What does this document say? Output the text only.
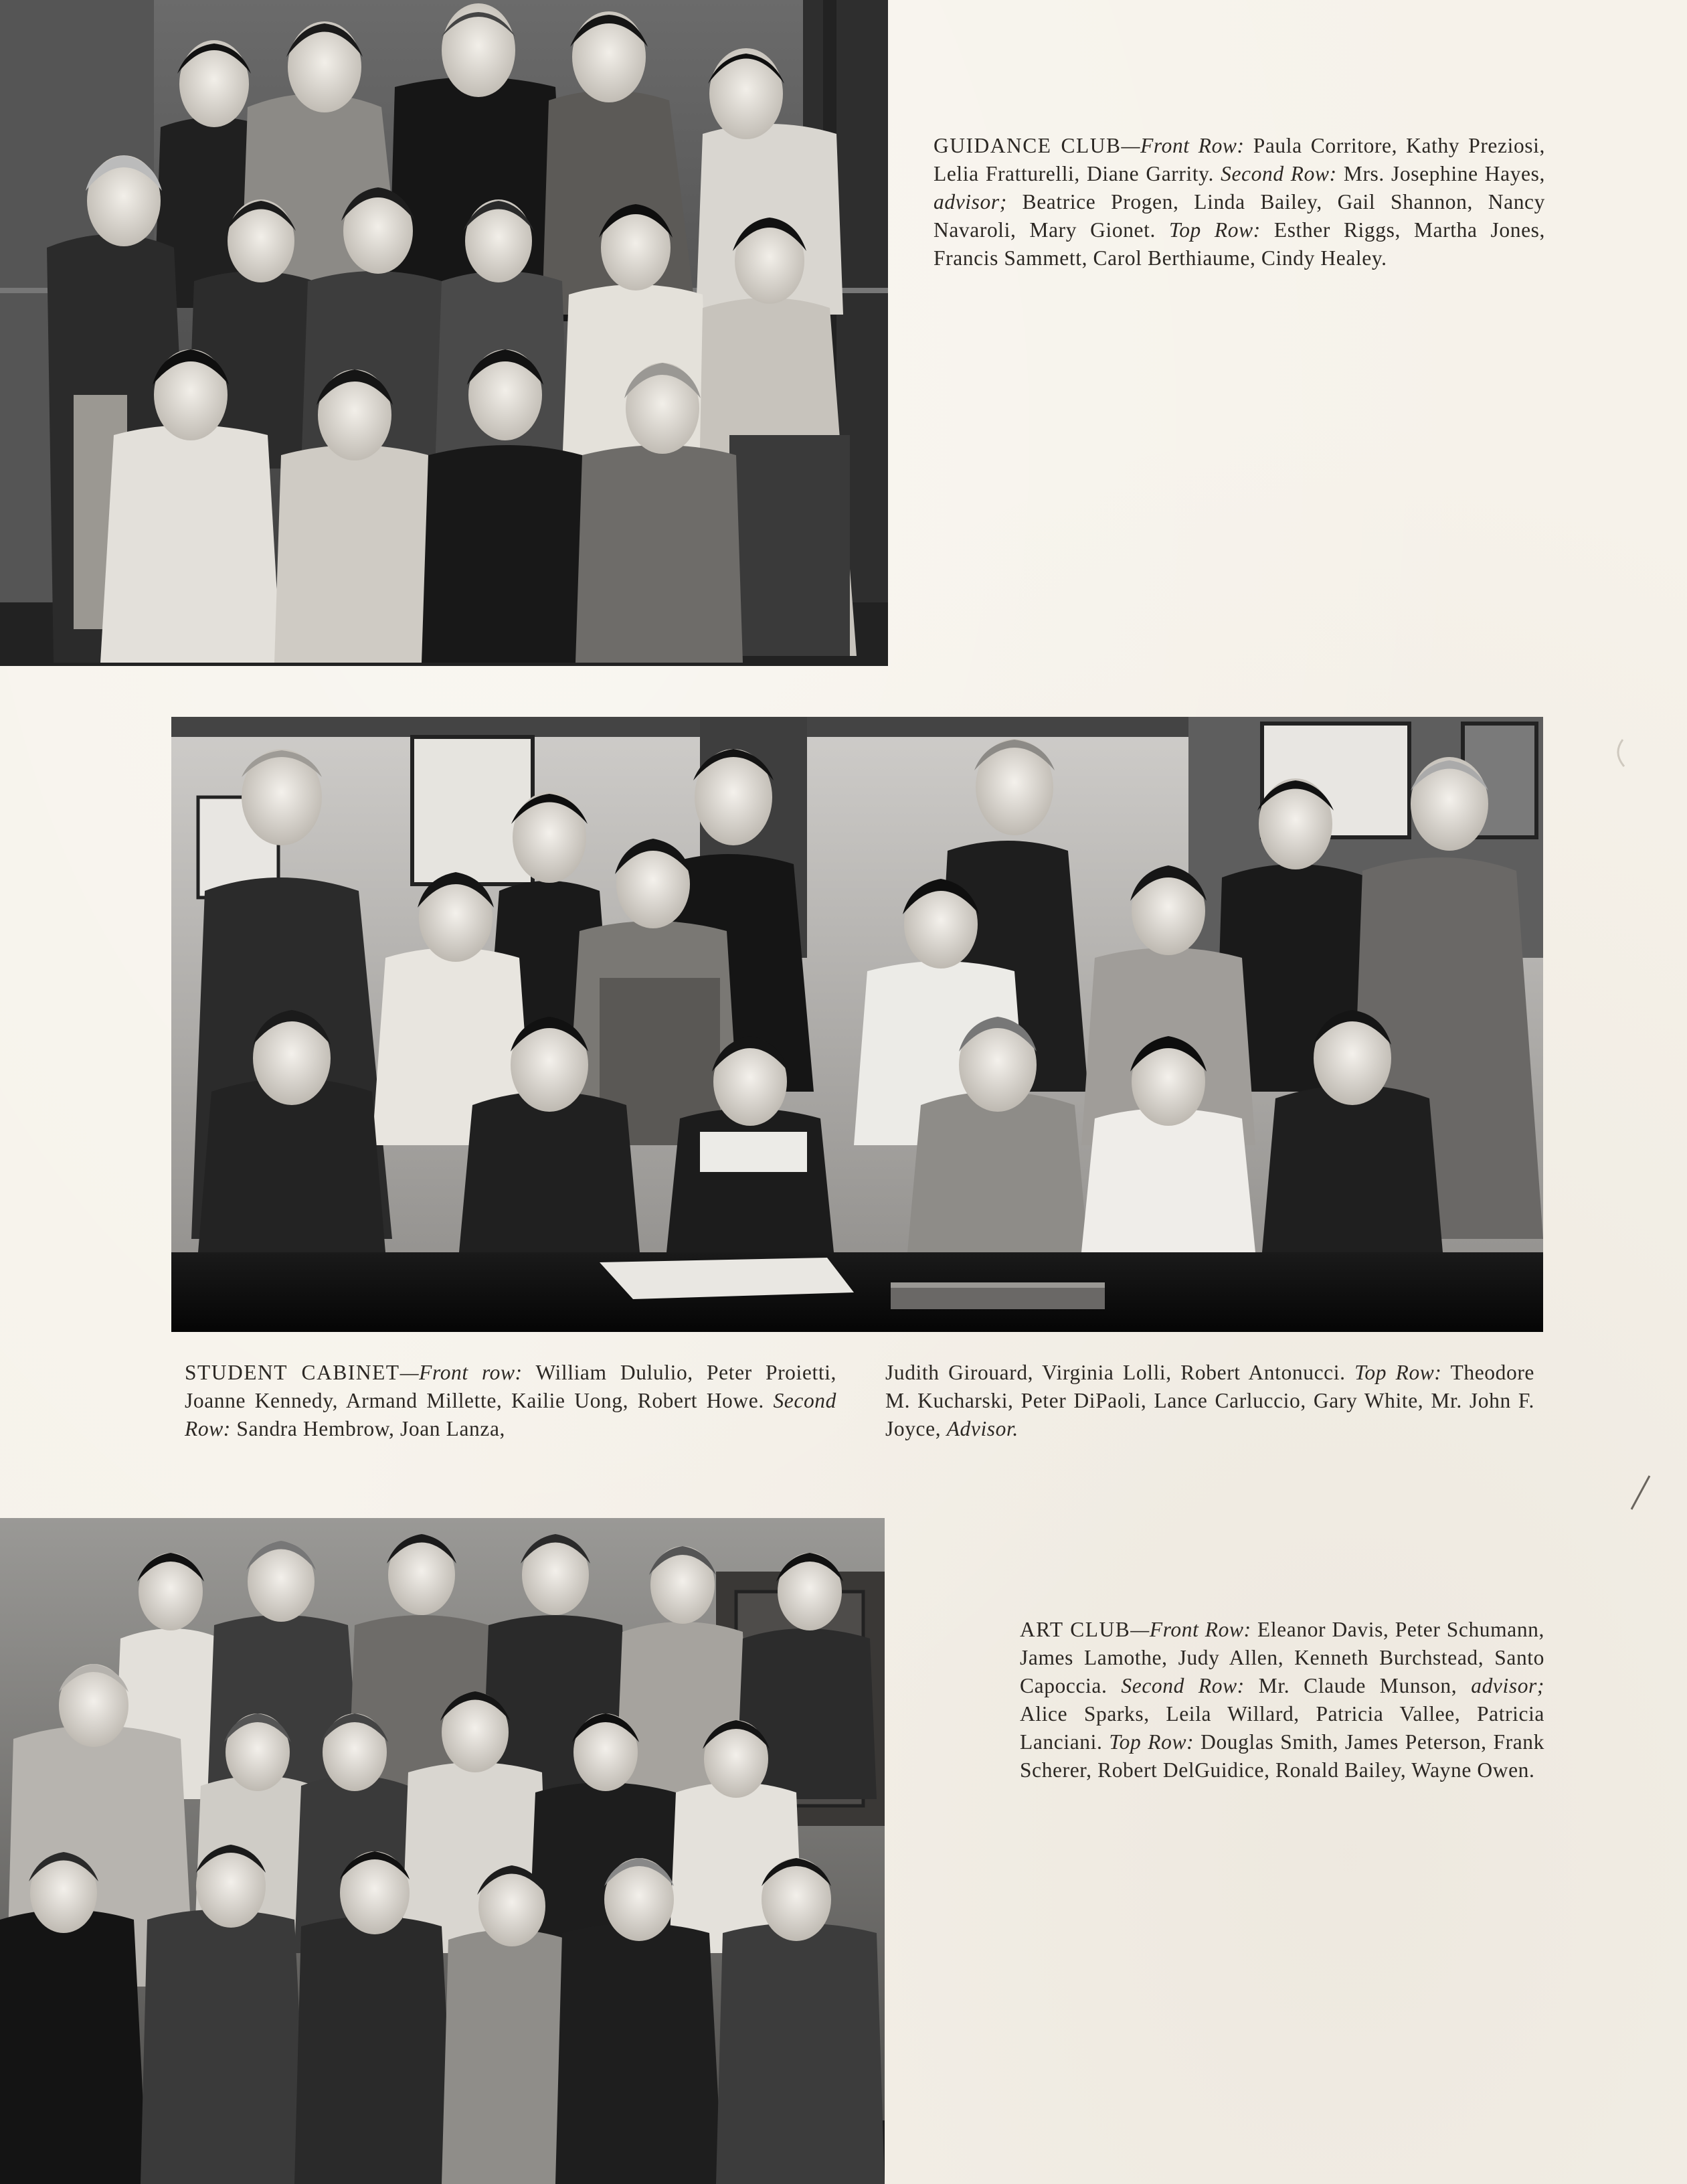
GUIDANCE CLUB—Front Row: Paula Corritore, Kathy Preziosi, Lelia Fratturelli, Diane Garrity. Second Row: Mrs. Josephine Hayes, advisor; Beatrice Progen, Linda Bailey, Gail Shannon, Nancy Navaroli, Mary Gionet. Top Row: Esther Riggs, Martha Jones, Francis Sammett, Carol Berthiaume, Cindy Healey.
STUDENT CABINET—Front row: William Dululio, Peter Proietti, Joanne Kennedy, Armand Millette, Kailie Uong, Robert Howe. Second Row: Sandra Hembrow, Joan Lanza,
Judith Girouard, Virginia Lolli, Robert Antonucci. Top Row: Theodore M. Kucharski, Peter DiPaoli, Lance Carluccio, Gary White, Mr. John F. Joyce, Advisor.
ART CLUB—Front Row: Eleanor Davis, Peter Schumann, James Lamothe, Judy Allen, Kenneth Burchstead, Santo Capoccia. Second Row: Mr. Claude Munson, advisor; Alice Sparks, Leila Willard, Patricia Vallee, Patricia Lanciani. Top Row: Douglas Smith, James Peterson, Frank Scherer, Robert DelGuidice, Ronald Bailey, Wayne Owen.
